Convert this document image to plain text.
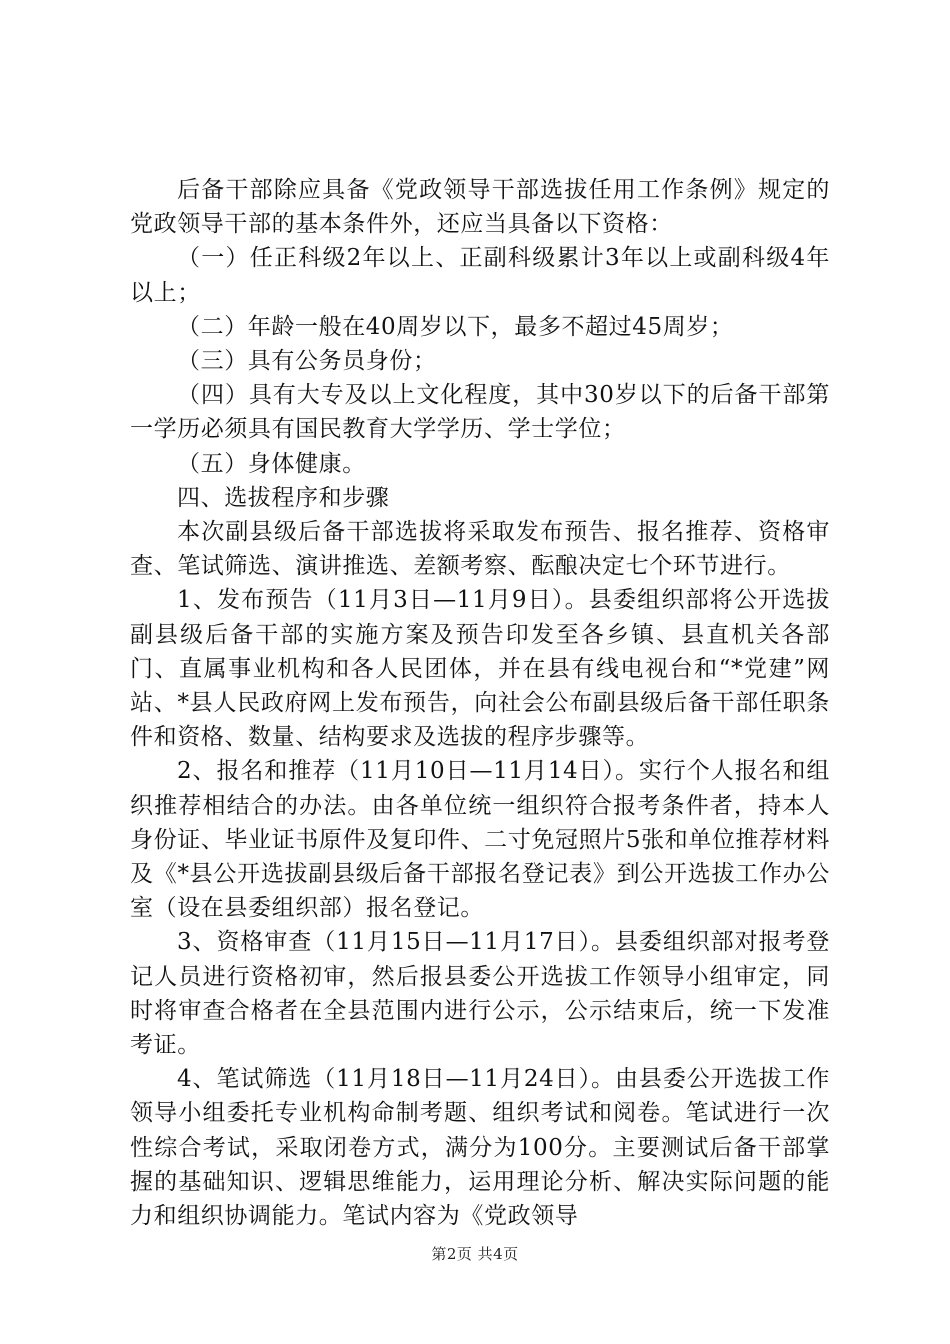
后备干部除应具备《党政领导干部选拔任用工作条例》规定的党政领导干部的基本条件外，还应当具备以下资格：

（一）任正科级2年以上、正副科级累计3年以上或副科级4年以上；

（二）年龄一般在40周岁以下，最多不超过45周岁；

（三）具有公务员身份；

（四）具有大专及以上文化程度，其中30岁以下的后备干部第一学历必须具有国民教育大学学历、学士学位；

（五）身体健康。

四、选拔程序和步骤

本次副县级后备干部选拔将采取发布预告、报名推荐、资格审查、笔试筛选、演讲推选、差额考察、酝酿决定七个环节进行。

1、发布预告（11月3日—11月9日）。县委组织部将公开选拔副县级后备干部的实施方案及预告印发至各乡镇、县直机关各部门、直属事业机构和各人民团体，并在县有线电视台和“*党建”网站、*县人民政府网上发布预告，向社会公布副县级后备干部任职条件和资格、数量、结构要求及选拔的程序步骤等。

2、报名和推荐（11月10日—11月14日）。实行个人报名和组织推荐相结合的办法。由各单位统一组织符合报考条件者，持本人身份证、毕业证书原件及复印件、二寸免冠照片5张和单位推荐材料及《*县公开选拔副县级后备干部报名登记表》到公开选拔工作办公室（设在县委组织部）报名登记。

3、资格审查（11月15日—11月17日）。县委组织部对报考登记人员进行资格初审，然后报县委公开选拔工作领导小组审定，同时将审查合格者在全县范围内进行公示，公示结束后，统一下发准考证。

4、笔试筛选（11月18日—11月24日）。由县委公开选拔工作领导小组委托专业机构命制考题、组织考试和阅卷。笔试进行一次性综合考试，采取闭卷方式，满分为100分。主要测试后备干部掌握的基础知识、逻辑思维能力，运用理论分析、解决实际问题的能力和组织协调能力。笔试内容为《党政领导

第2页 共4页
